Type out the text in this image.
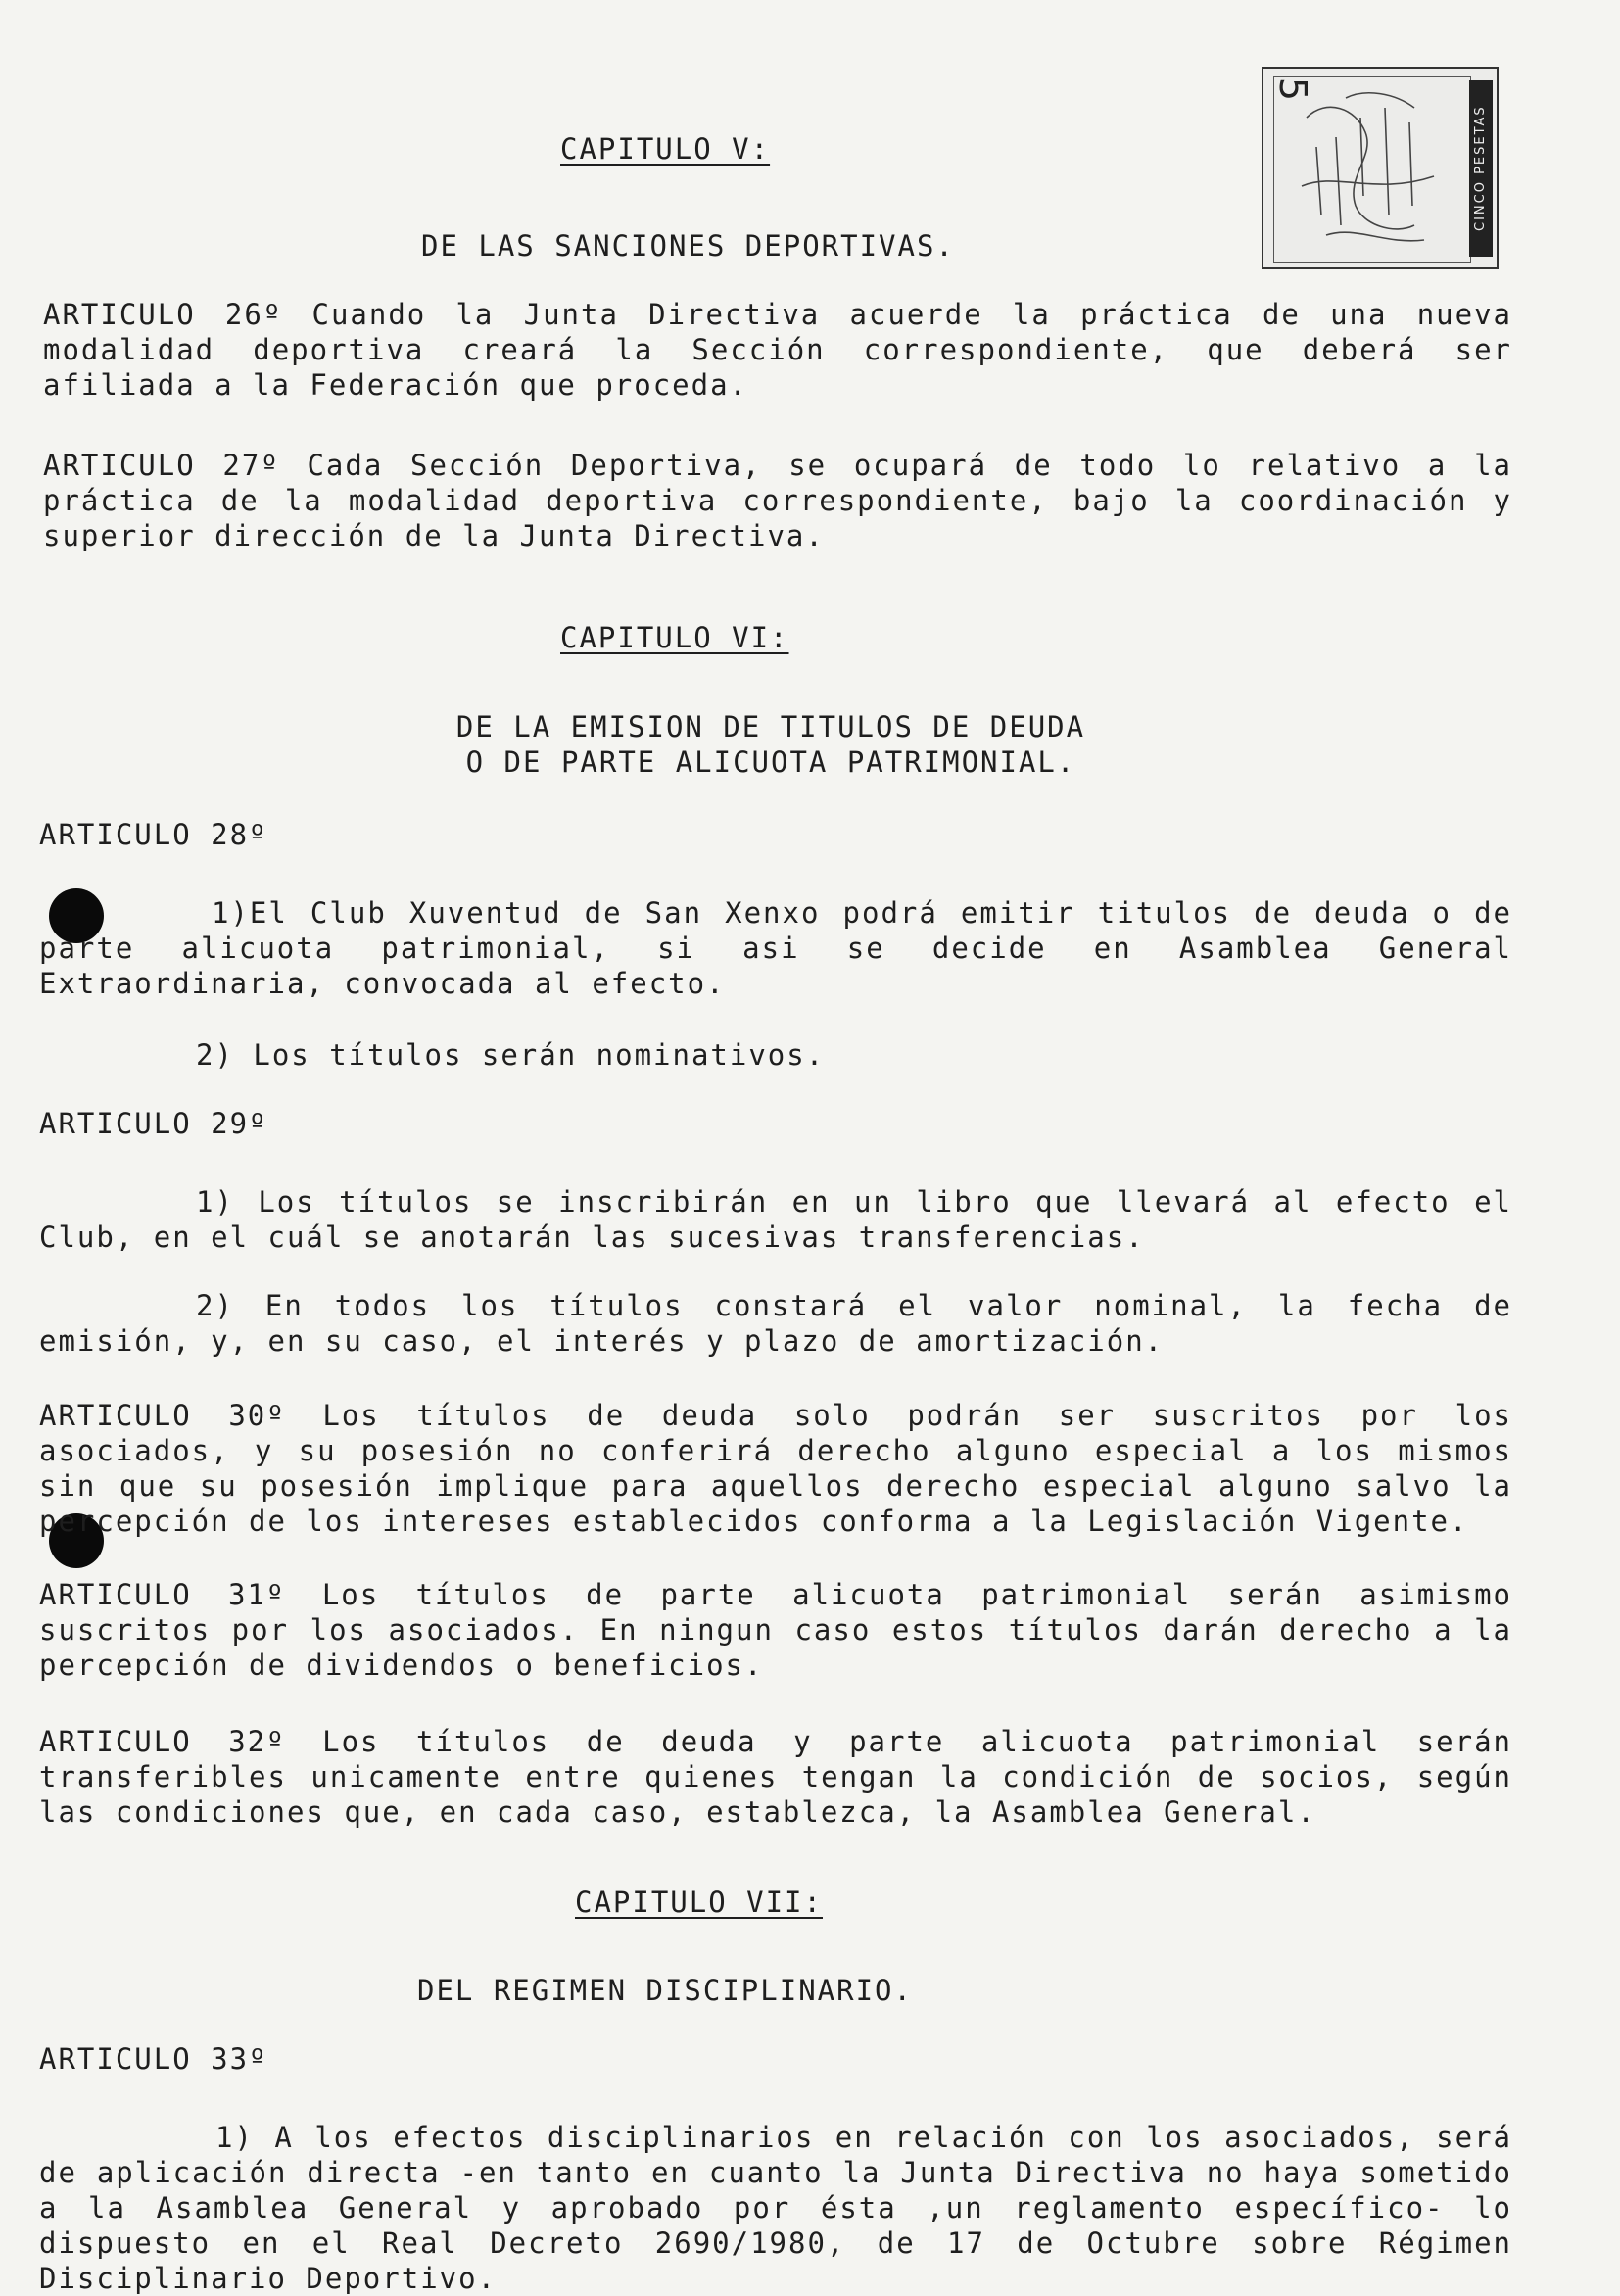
5
CINCO PESETAS

CAPITULO V:

DE LAS SANCIONES DEPORTIVAS.

ARTICULO 26º Cuando la Junta Directiva acuerde la práctica de una nueva modalidad deportiva creará la Sección correspondiente, que deberá ser afiliada a la Federación que proceda.

ARTICULO 27º Cada Sección Deportiva, se ocupará de todo lo relativo a la práctica de la modalidad deportiva correspondiente, bajo la coordinación y superior dirección de la Junta Directiva.

CAPITULO VI:

DE LA EMISION DE TITULOS DE DEUDA
O DE PARTE ALICUOTA PATRIMONIAL.

ARTICULO 28º

1)El Club Xuventud de San Xenxo podrá emitir titulos de deuda o de parte alicuota patrimonial, si asi se decide en Asamblea General Extraordinaria, convocada al efecto.

2) Los títulos serán nominativos.

ARTICULO 29º

1) Los títulos se inscribirán en un libro que llevará al efecto el Club, en el cuál se anotarán las sucesivas transferencias.

2) En todos los títulos constará el valor nominal, la fecha de emisión, y, en su caso, el interés y plazo de amortización.

ARTICULO 30º Los títulos de deuda solo podrán ser suscritos por los asociados, y su posesión no conferirá derecho alguno especial a los mismos sin que su posesión implique para aquellos derecho especial alguno salvo la percepción de los intereses establecidos conforma a la Legislación Vigente.

ARTICULO 31º Los títulos de parte alicuota patrimonial serán asimismo suscritos por los asociados. En ningun caso estos títulos darán derecho a la percepción de dividendos o beneficios.

ARTICULO 32º Los títulos de deuda y parte alicuota patrimonial serán transferibles unicamente entre quienes tengan la condición de socios, según las condiciones que, en cada caso, establezca, la Asamblea General.

CAPITULO VII:

DEL REGIMEN DISCIPLINARIO.

ARTICULO 33º

1) A los efectos disciplinarios en relación con los asociados, será de aplicación directa -en tanto en cuanto la Junta Directiva no haya sometido a la Asamblea General y aprobado por ésta ,un reglamento específico- lo dispuesto en el Real Decreto 2690/1980, de 17 de Octubre sobre Régimen Disciplinario Deportivo.
